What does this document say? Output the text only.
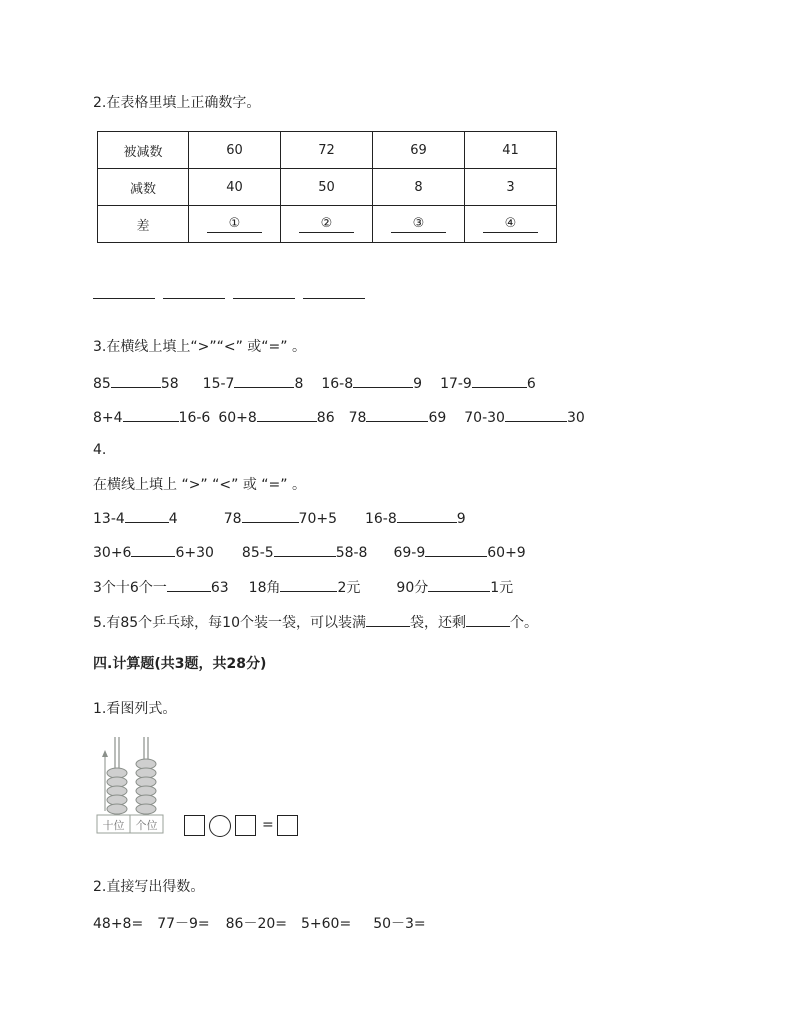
2.在表格里填上正确数字。
被减数	60	72	69	41
减数	40	50	8	3
差	①	②	③	④
3.在横线上填上“>”“<” 或“=” 。
85	58 15-7	8 16-8	9 17-9	6
8+4	16-6 60+8	86 78	69 70-30	30
4.
在横线上填上 “>” “<” 或 “=” 。
13-4	4	78	70+5 16-8	9
30+6	6+30 85-5	58-8 69-9	60+9
3个十6个一	63 18角	2元	90分	1元
5.有85个乒乓球，每10个装一袋，可以装满	袋，还剩	个。
四.计算题(共3题，共28分)
1.看图列式。
十位	个位	=
2.直接写出得数。
48+8= 77－9= 86－20= 5+60= 50－3=
